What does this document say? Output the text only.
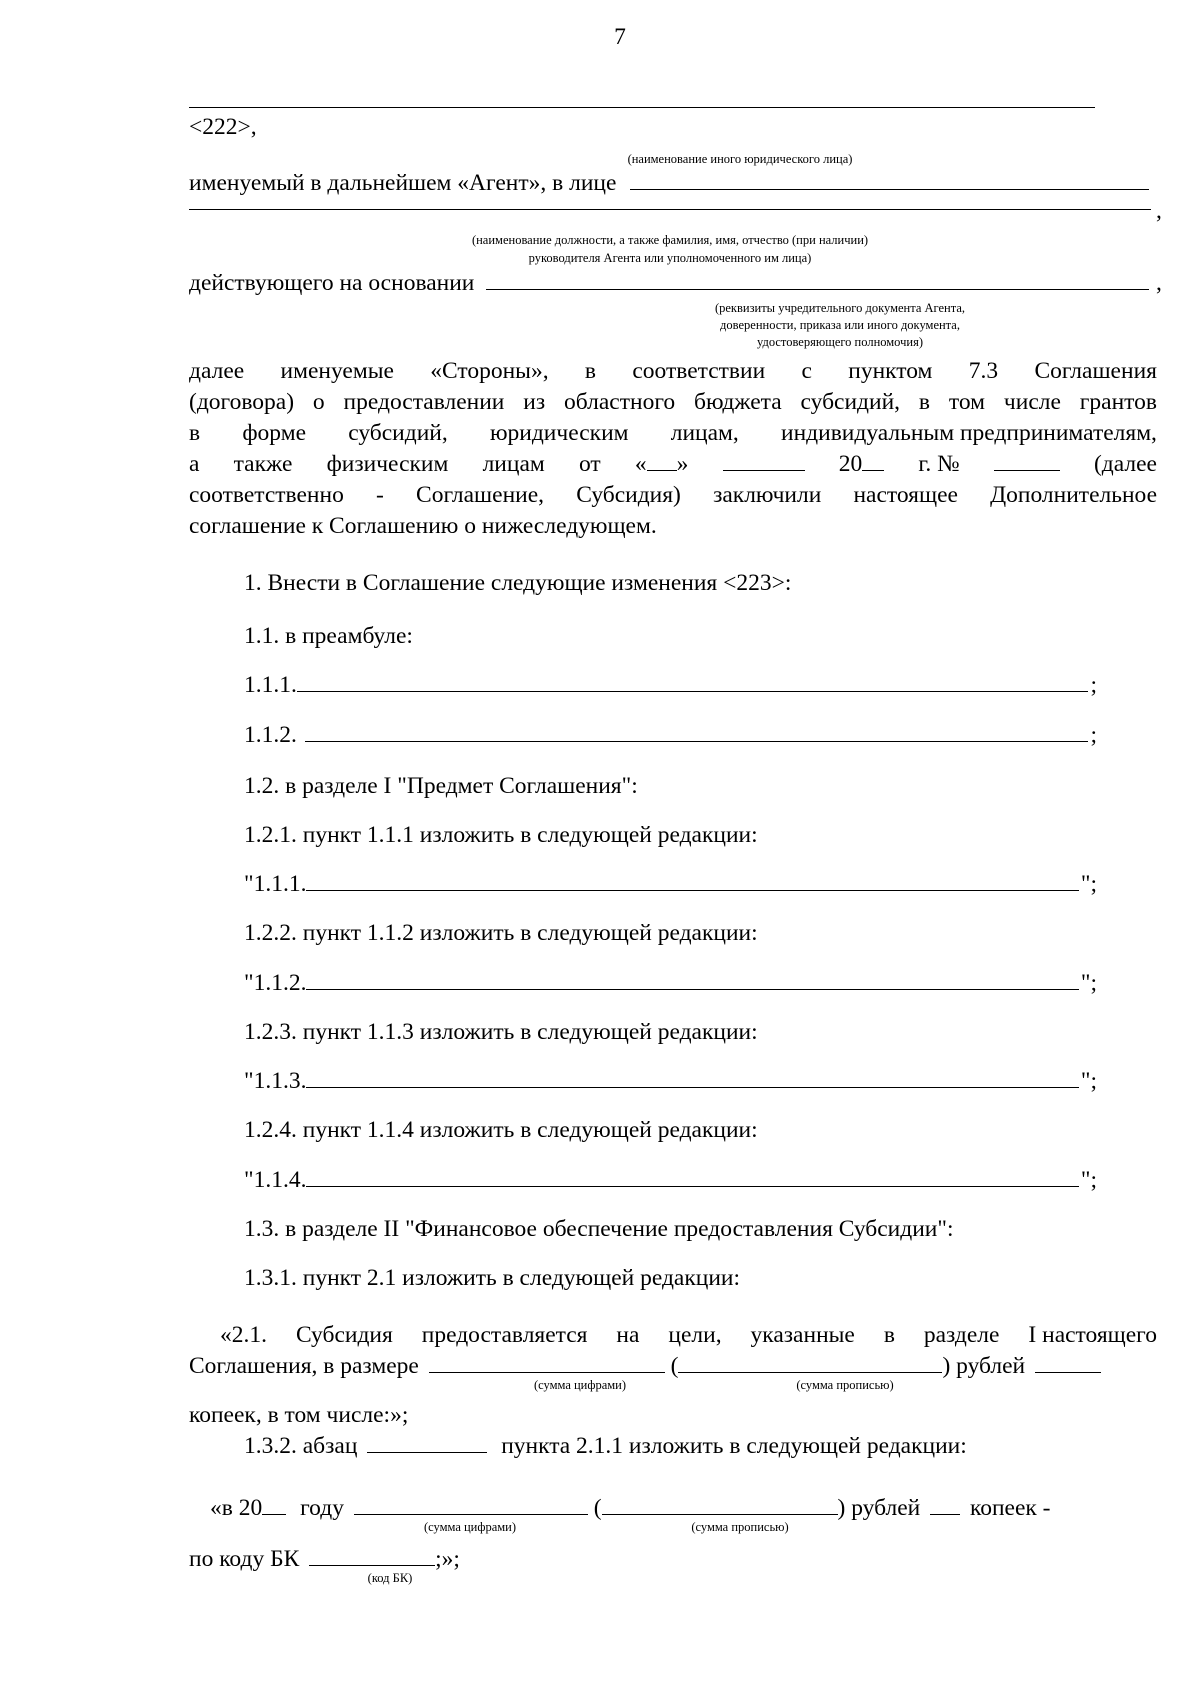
7
<222>,
(наименование иного юридического лица)
именуемый в дальнейшем «Агент», в лице
,
(наименование должности, а также фамилия, имя, отчество (при наличии)
руководителя Агента или уполномоченного им лица)
действующего на основании	,
(реквизиты учредительного документа Агента,
доверенности, приказа или иного документа,
удостоверяющего полномочия)
далее именуемые «Стороны», в соответствии с пунктом 7.3 Соглашения
(договора) о предоставлении из областного бюджета субсидий, в том числе грантов
в форме субсидий, юридическим лицам, индивидуальным предпринимателям,
а также физическим лицам от « »	20	г. №	(далее
соответственно - Соглашение, Субсидия) заключили настоящее Дополнительное
соглашение к Соглашению о нижеследующем.
1. Внести в Соглашение следующие изменения <223>:
1.1. в преамбуле:
1.1.1.	;
1.1.2.	;
1.2. в разделе I "Предмет Соглашения":
1.2.1. пункт 1.1.1 изложить в следующей редакции:
"1.1.1.	";
1.2.2. пункт 1.1.2 изложить в следующей редакции:
"1.1.2.	";
1.2.3. пункт 1.1.3 изложить в следующей редакции:
"1.1.3.	";
1.2.4. пункт 1.1.4 изложить в следующей редакции:
"1.1.4.	";
1.3. в разделе II "Финансовое обеспечение предоставления Субсидии":
1.3.1. пункт 2.1 изложить в следующей редакции:
«2.1. Субсидия предоставляется на цели, указанные в разделе I настоящего
Соглашения, в размере	(	) рублей
(сумма цифрами)	(сумма прописью)
копеек, в том числе:»;
1.3.2. абзац	пункта 2.1.1 изложить в следующей редакции:
«в 20 году	(	) рублей копеек -
(сумма цифрами)	(сумма прописью)
по коду БК	;»;
(код БК)
